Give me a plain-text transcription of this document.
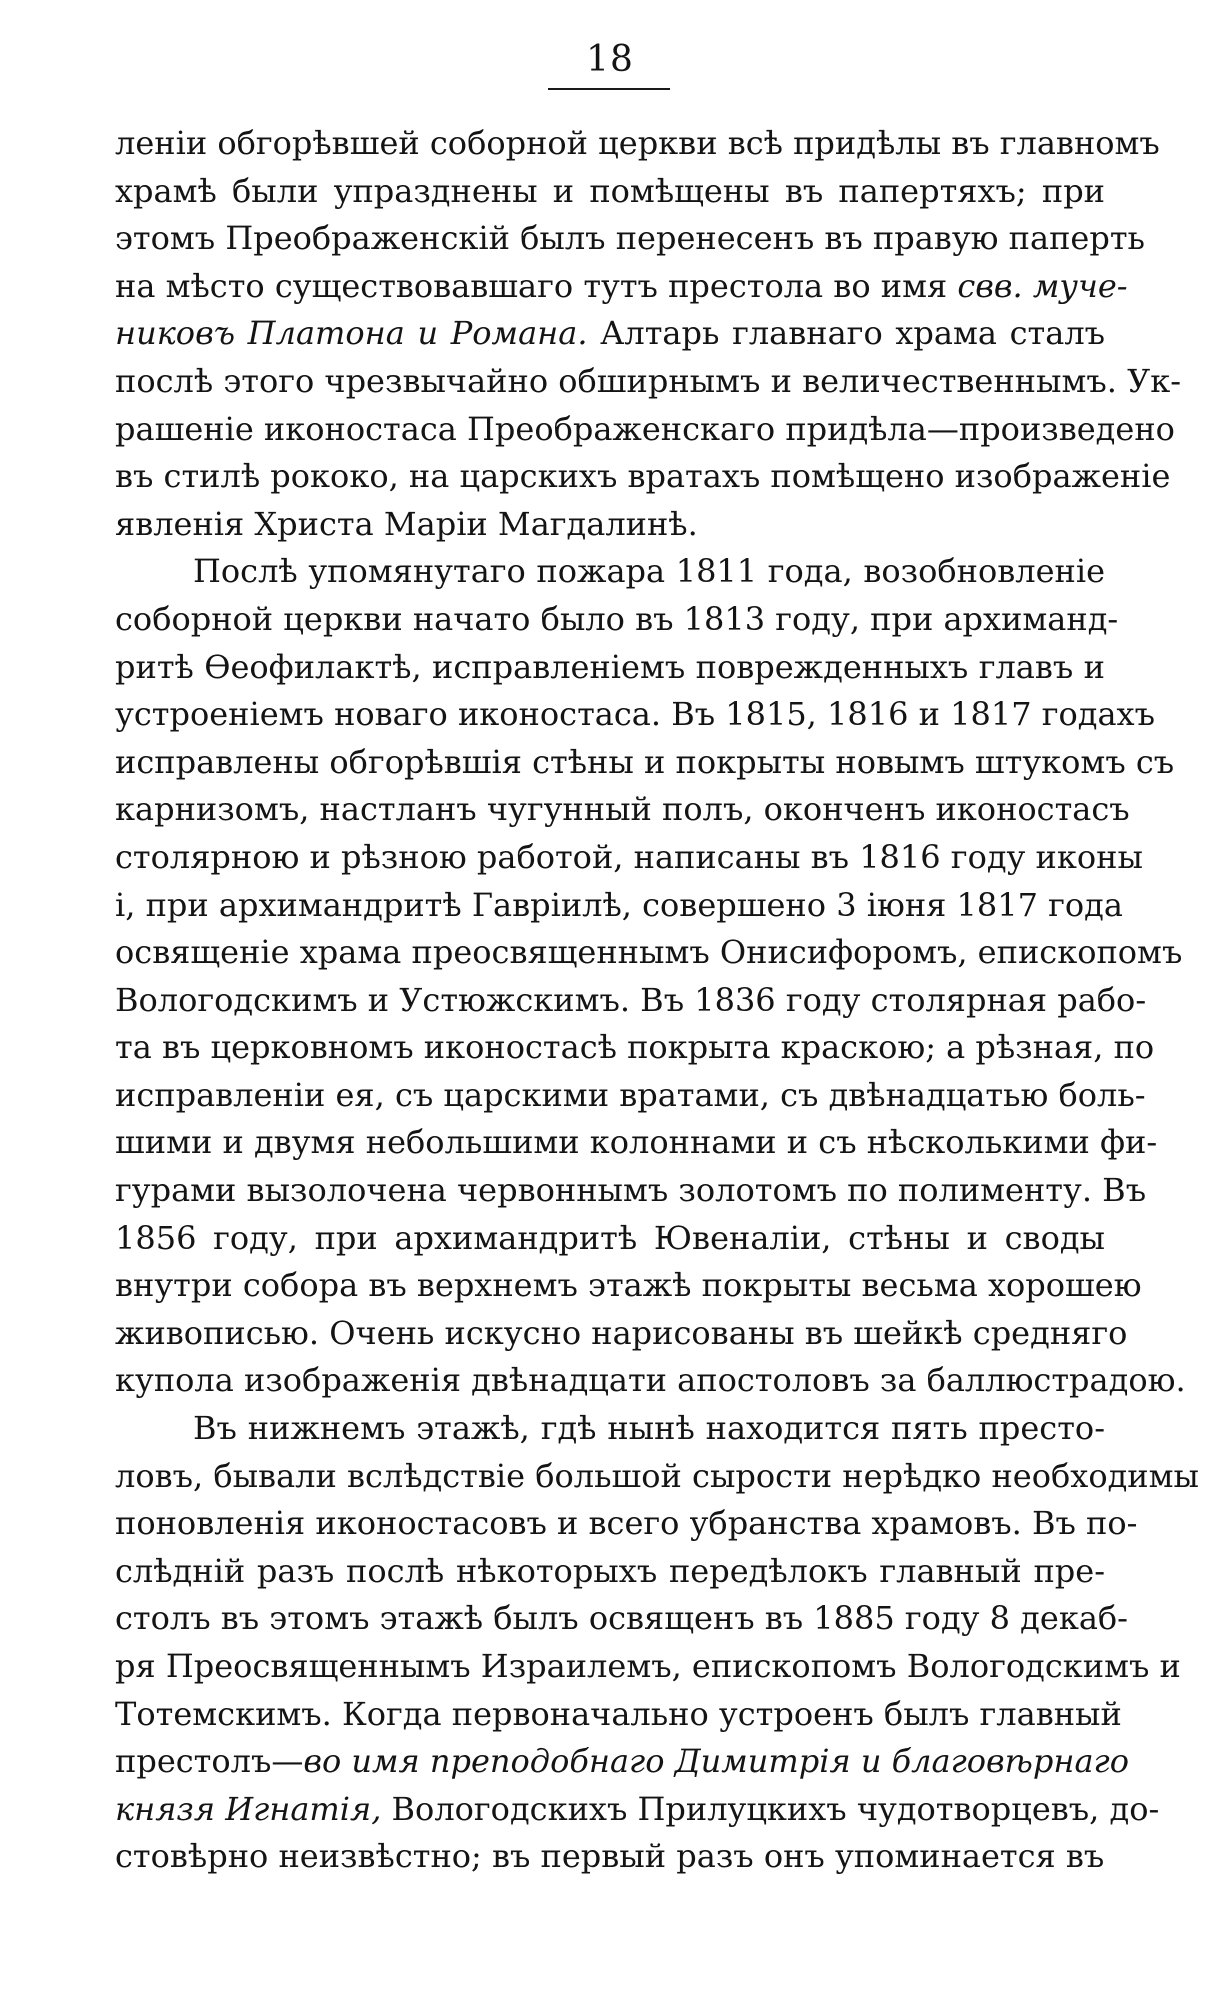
18
леніи обгорѣвшей соборной церкви всѣ придѣлы въ главномъ
храмѣ были упразднены и помѣщены въ папертяхъ; при
этомъ Преображенскій былъ перенесенъ въ правую паперть
на мѣсто существовавшаго тутъ престола во имя свв. муче-
никовъ Платона и Романа. Алтарь главнаго храма сталъ
послѣ этого чрезвычайно обширнымъ и величественнымъ. Ук-
рашеніе иконостаса Преображенскаго придѣла—произведено
въ стилѣ рококо, на царскихъ вратахъ помѣщено изображеніе
явленія Христа Маріи Магдалинѣ.
Послѣ упомянутаго пожара 1811 года, возобновленіе
соборной церкви начато было въ 1813 году, при архиманд-
ритѣ Ѳеофилактѣ, исправленіемъ поврежденныхъ главъ и
устроеніемъ новаго иконостаса. Въ 1815, 1816 и 1817 годахъ
исправлены обгорѣвшія стѣны и покрыты новымъ штукомъ съ
карнизомъ, настланъ чугунный полъ, оконченъ иконостасъ
столярною и рѣзною работой, написаны въ 1816 году иконы
і, при архимандритѣ Гавріилѣ, совершено 3 іюня 1817 года
освященіе храма преосвященнымъ Онисифоромъ, епископомъ
Вологодскимъ и Устюжскимъ. Въ 1836 году столярная рабо-
та въ церковномъ иконостасѣ покрыта краскою; а рѣзная, по
исправленіи ея, съ царскими вратами, съ двѣнадцатью боль-
шими и двумя небольшими колоннами и съ нѣсколькими фи-
гурами вызолочена червоннымъ золотомъ по полименту. Въ
1856 году, при архимандритѣ Ювеналіи, стѣны и своды
внутри собора въ верхнемъ этажѣ покрыты весьма хорошею
живописью. Очень искусно нарисованы въ шейкѣ средняго
купола изображенія двѣнадцати апостоловъ за баллюстрадою.
Въ нижнемъ этажѣ, гдѣ нынѣ находится пять престо-
ловъ, бывали вслѣдствіе большой сырости нерѣдко необходимы
поновленія иконостасовъ и всего убранства храмовъ. Въ по-
слѣдній разъ послѣ нѣкоторыхъ передѣлокъ главный пре-
столъ въ этомъ этажѣ былъ освященъ въ 1885 году 8 декаб-
ря Преосвященнымъ Израилемъ, епископомъ Вологодскимъ и
Тотемскимъ. Когда первоначально устроенъ былъ главный
престолъ—во имя преподобнаго Димитрія и благовѣрнаго
князя Игнатія, Вологодскихъ Прилуцкихъ чудотворцевъ, до-
стовѣрно неизвѣстно; въ первый разъ онъ упоминается въ
